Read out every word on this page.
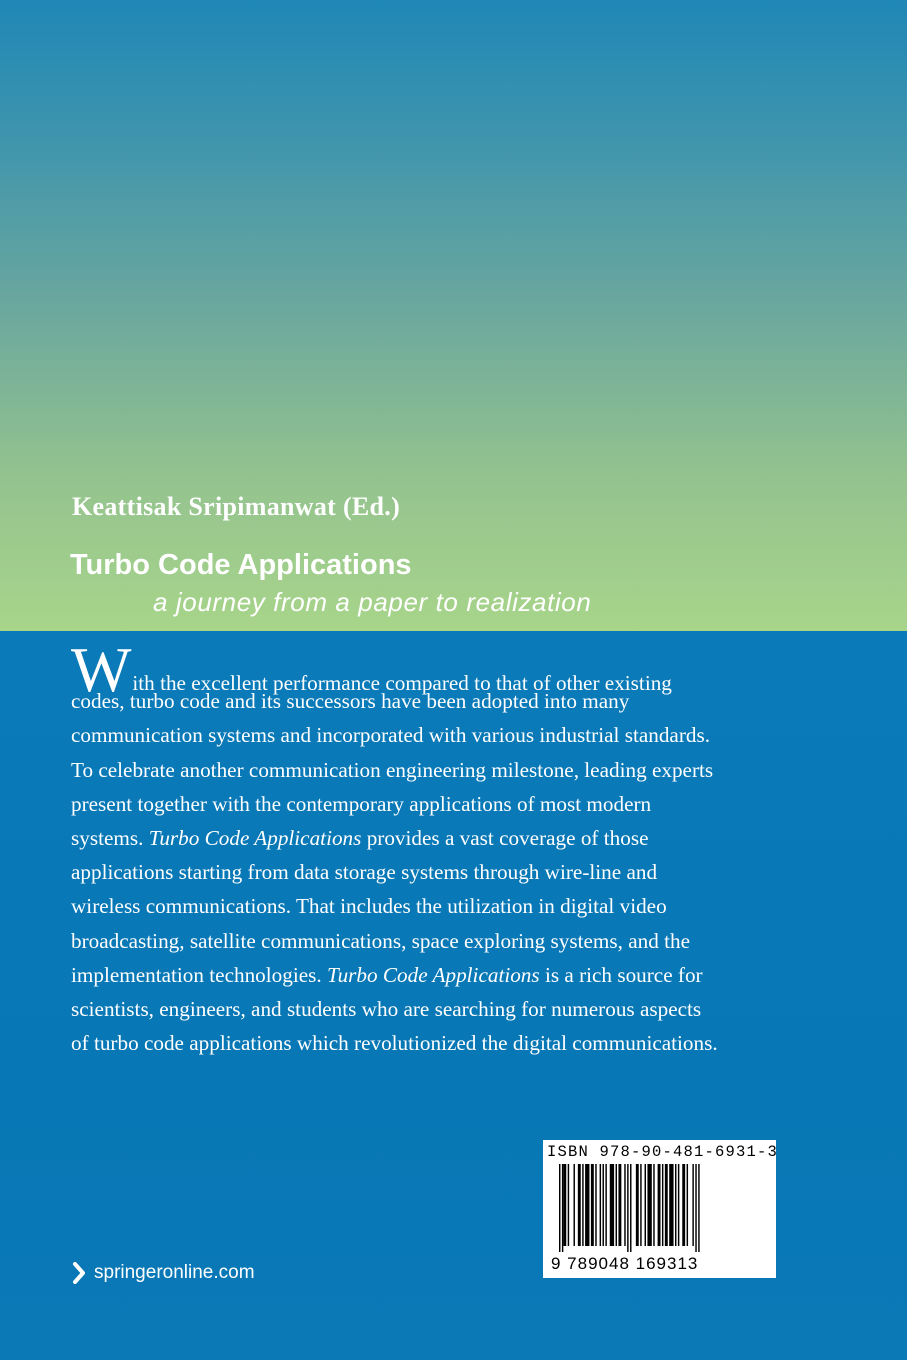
Keattisak Sripimanwat (Ed.)
Turbo Code Applications
a journey from a paper to realization
With the excellent performance compared to that of other existing
codes, turbo code and its successors have been adopted into many
communication systems and incorporated with various industrial standards.
To celebrate another communication engineering milestone, leading experts
present together with the contemporary applications of most modern
systems. Turbo Code Applications provides a vast coverage of those
applications starting from data storage systems through wire-line and
wireless communications. That includes the utilization in digital video
broadcasting, satellite communications, space exploring systems, and the
implementation technologies. Turbo Code Applications is a rich source for
scientists, engineers, and students who are searching for numerous aspects
of turbo code applications which revolutionized the digital communications.
ISBN 978-90-481-6931-3
9 789048 169313
springeronline.com
